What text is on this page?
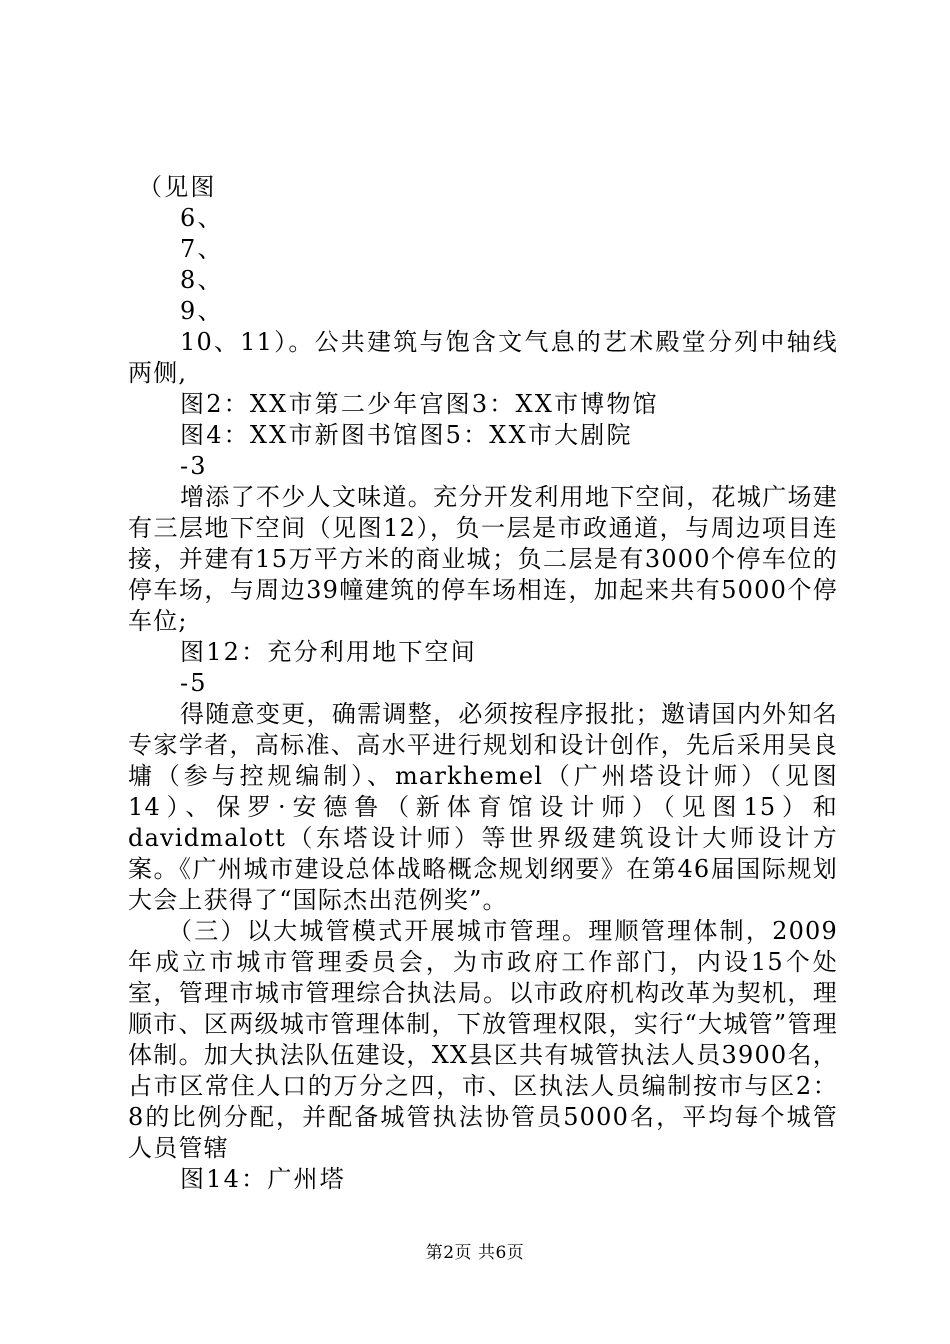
（见图
6、
7、
8、
9、
10、11）。公共建筑与饱含文气息的艺术殿堂分列中轴线两侧,
图2：XX市第二少年宫图3：XX市博物馆
图4：XX市新图书馆图5：XX市大剧院
-3
增添了不少人文味道。充分开发利用地下空间，花城广场建有三层地下空间（见图12），负一层是市政通道，与周边项目连接，并建有15万平方米的商业城；负二层是有3000个停车位的停车场，与周边39幢建筑的停车场相连，加起来共有5000个停车位;
图12：充分利用地下空间
-5
得随意变更，确需调整，必须按程序报批；邀请国内外知名专家学者，高标准、高水平进行规划和设计创作，先后采用吴良墉（参与控规编制）、markhemel（广州塔设计师）（见图14）、保罗·安德鲁（新体育馆设计师）（见图15）和davidmalott（东塔设计师）等世界级建筑设计大师设计方案。《广州城市建设总体战略概念规划纲要》在第46届国际规划大会上获得了“国际杰出范例奖”。
（三）以大城管模式开展城市管理。理顺管理体制，2009年成立市城市管理委员会，为市政府工作部门，内设15个处室，管理市城市管理综合执法局。以市政府机构改革为契机，理顺市、区两级城市管理体制，下放管理权限，实行“大城管”管理体制。加大执法队伍建设，XX县区共有城管执法人员3900名，占市区常住人口的万分之四，市、区执法人员编制按市与区2：8的比例分配，并配备城管执法协管员5000名，平均每个城管人员管辖
图14：广州塔
第2页 共6页
